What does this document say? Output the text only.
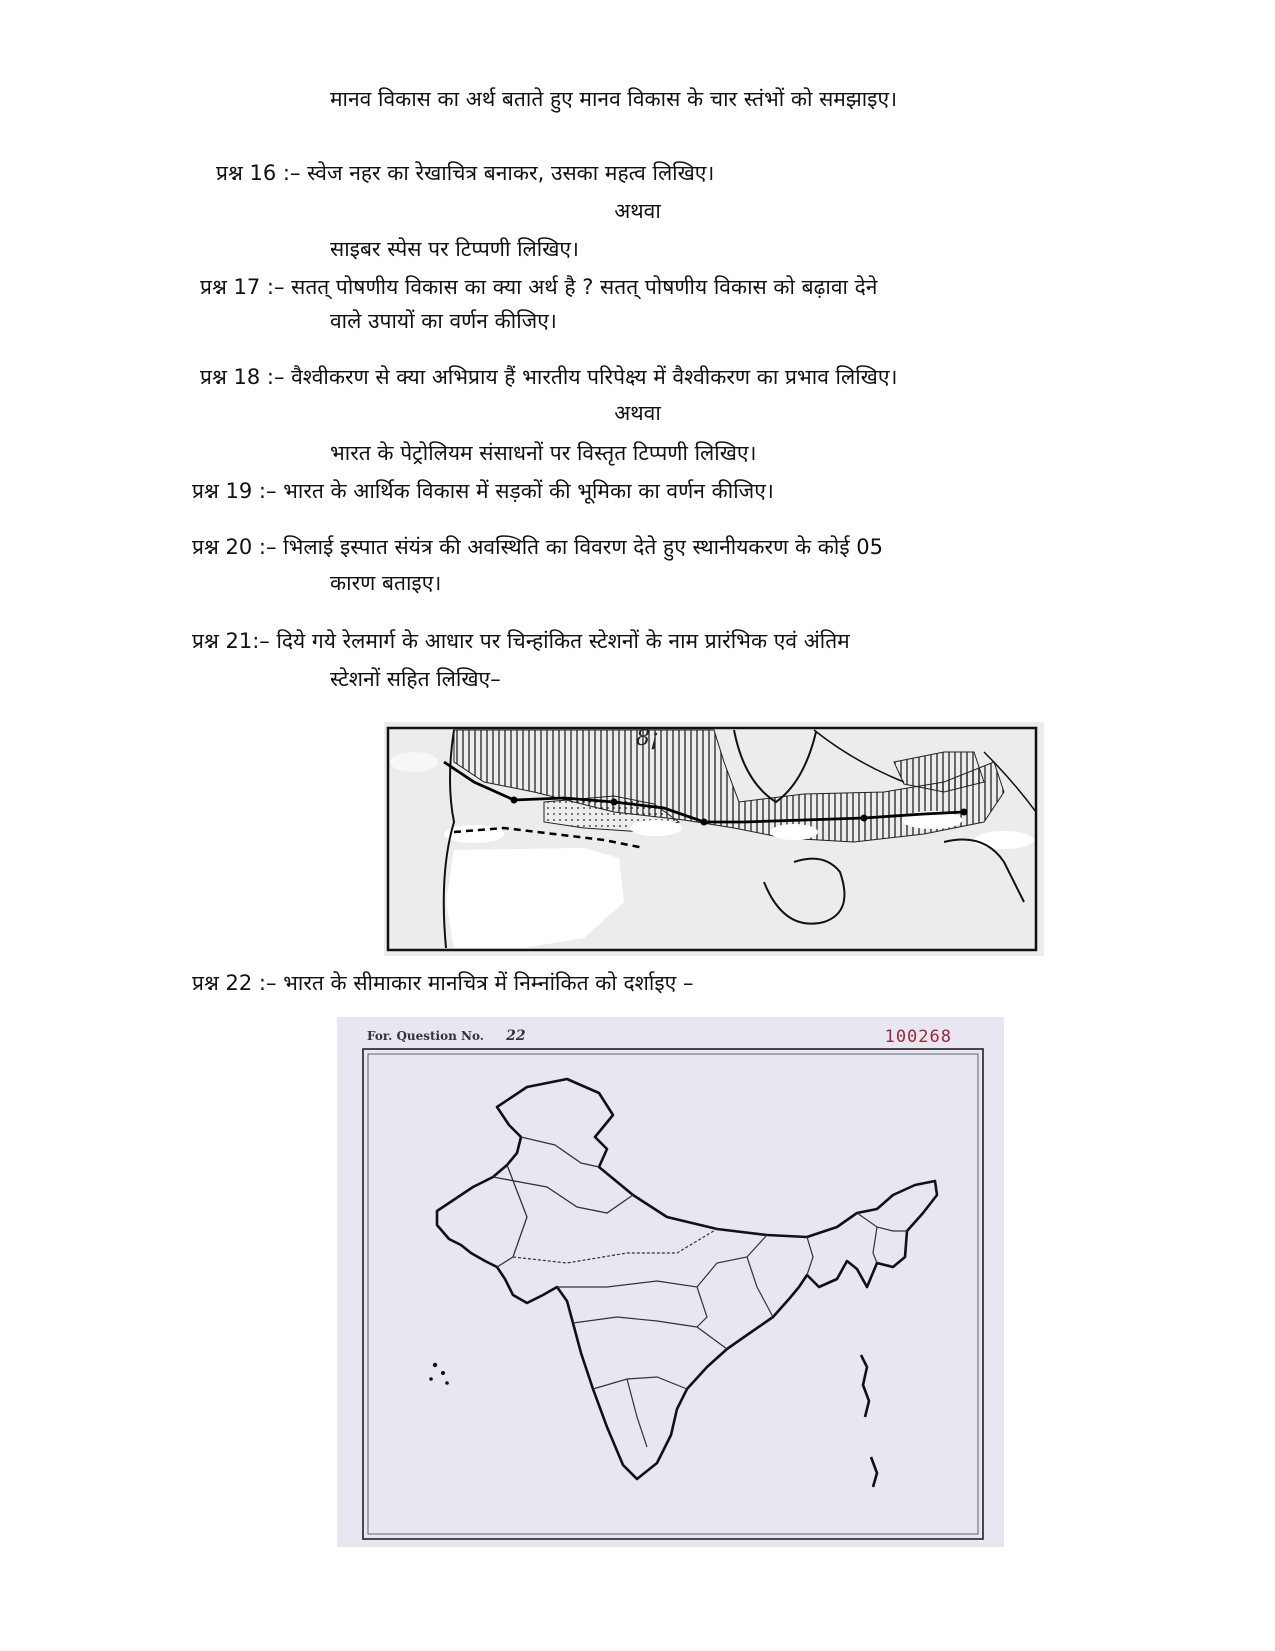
मानव विकास का अर्थ बताते हुए मानव विकास के चार स्तंभों को समझाइए।
प्रश्न 16 :– स्वेज नहर का रेखाचित्र बनाकर, उसका महत्व लिखिए।
अथवा
साइबर स्पेस पर टिप्पणी लिखिए।
प्रश्न 17 :– सतत् पोषणीय विकास का क्या अर्थ है ? सतत् पोषणीय विकास को बढ़ावा देने
वाले उपायों का वर्णन कीजिए।
प्रश्न 18 :– वैश्वीकरण से क्या अभिप्राय हैं भारतीय परिपेक्ष्य में वैश्वीकरण का प्रभाव लिखिए।
अथवा
भारत के पेट्रोलियम संसाधनों पर विस्तृत टिप्पणी लिखिए।
प्रश्न 19 :– भारत के आर्थिक विकास में सड़कों की भूमिका का वर्णन कीजिए।
प्रश्न 20 :– भिलाई इस्पात संयंत्र की अवस्थिति का विवरण देते हुए स्थानीयकरण के कोई 05
कारण बताइए।
प्रश्न 21:– दिये गये रेलमार्ग के आधार पर चिन्हांकित स्टेशनों के नाम प्रारंभिक एवं अंतिम
स्टेशनों सहित लिखिए–
8¡
प्रश्न 22 :– भारत के सीमाकार मानचित्र में निम्नांकित को दर्शाइए –
For. Question No. 22	100268
